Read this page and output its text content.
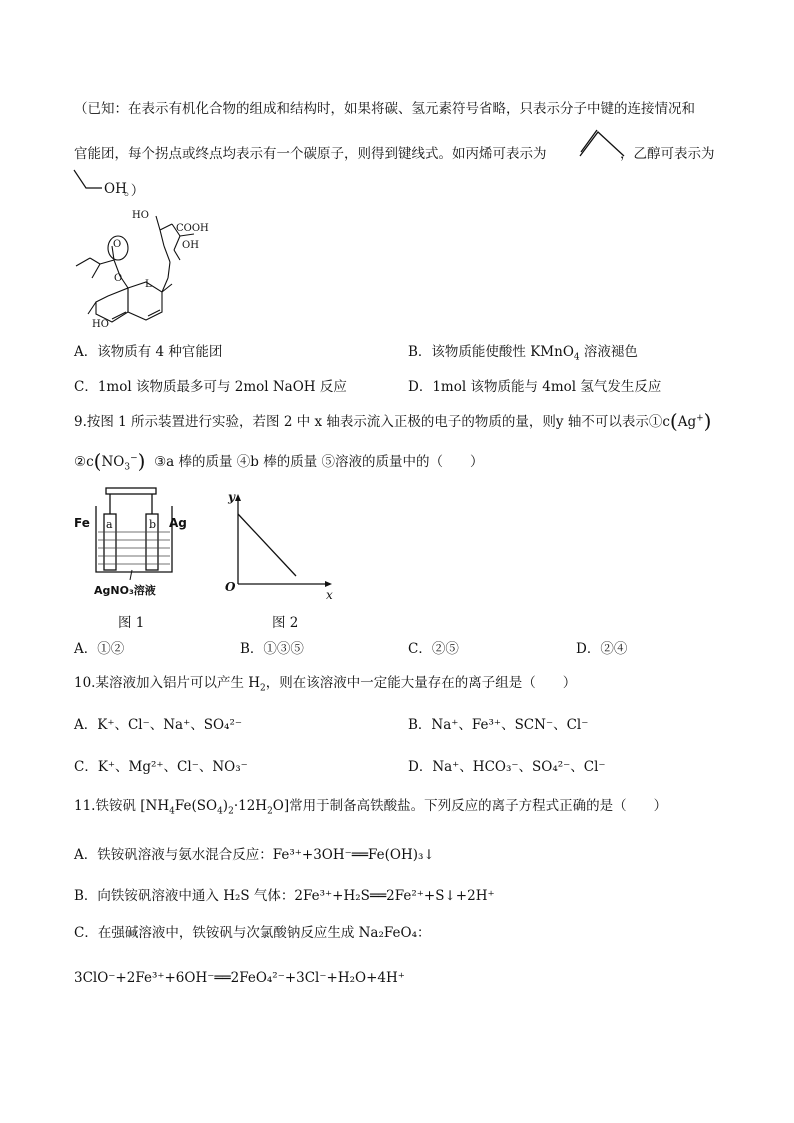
（已知：在表示有机化合物的组成和结构时，如果将碳、氢元素符号省略，只表示分子中键的连接情况和
官能团，每个拐点或终点均表示有一个碳原子，则得到键线式。如丙烯可表示为	，乙醇可表示为
OH
。）
HO
COOH
OH
O
O
L
HO
A．该物质有 4 种官能团	B．该物质能使酸性 KMnO$_4$ 溶液褪色
C．1mol 该物质最多可与 2mol NaOH 反应	D．1mol 该物质能与 4mol 氢气发生反应
9.按图 1 所示装置进行实验，若图 2 中 x 轴表示流入正极的电子的物质的量，则y 轴不可以表示①c(Ag+)
$②c(NO_3^-)$ ③a 棒的质量 ④b 棒的质量 ⑤溶液的质量中的（　　）
Fe	Ag
a	b
AgNO₃溶液
图 1
y
O
x
图 2
A．①②	B．①③⑤	C．②⑤	D．②④
10.某溶液加入铝片可以产生 $H_2$，则在该溶液中一定能大量存在的离子组是（　　）
A．K⁺、Cl⁻、Na⁺、SO₄²⁻	B．Na⁺、Fe³⁺、SCN⁻、Cl⁻
C．K⁺、Mg²⁺、Cl⁻、NO₃⁻	D．Na⁺、HCO₃⁻、SO₄²⁻、Cl⁻
11.铁铵矾 $[NH_4Fe(SO_4)_2\cdot 12H_2O]$常用于制备高铁酸盐。下列反应的离子方程式正确的是（　　）
A．铁铵矾溶液与氨水混合反应：Fe³⁺+3OH⁻══Fe(OH)₃↓
B．向铁铵矾溶液中通入 H₂S 气体：2Fe³⁺+H₂S══2Fe²⁺+S↓+2H⁺
C．在强碱溶液中，铁铵矾与次氯酸钠反应生成 Na₂FeO₄：
3ClO⁻+2Fe³⁺+6OH⁻══2FeO₄²⁻+3Cl⁻+H₂O+4H⁺
